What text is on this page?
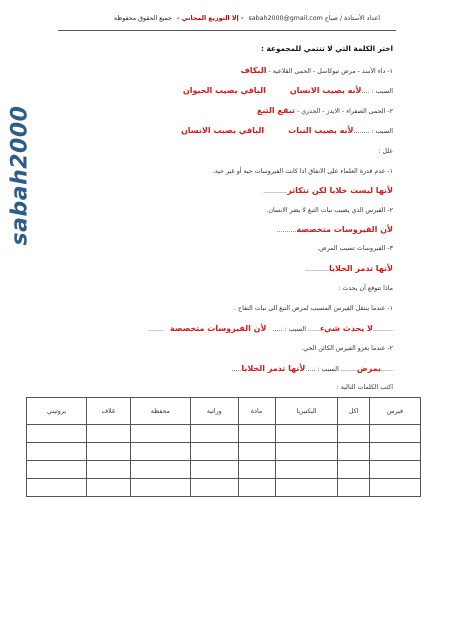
اعداد الأستاذة / صباح sabah2000@gmail.com
- إلا التوزيع المجاني -
جميع الحقوق محفوظة
sabah2000
اختر الكلمة التي لا تنتمي للمجموعة :
١- داء الأسد - مرض تيوكاسل - الحمى القلاعية - البكاف
السبب : ....لأنه يصيب الانسانالباقي يصيب الحيوان
٢- الحمى الصفراء - الايدز - الجدري - تبقع التبغ
السبب : ........لأنه يصيب النباتالباقي يصيب الانسان
علل :
١- عدم قدرة العلماء على الاتفاق اذا كانت الفيروسات حية أو غير حية.
لأنها ليست خلايا لكن تتكاثر............
٢- الفيرس الذي يصيب نبات التبغ لا يضر الانسان.
لأن الفيروسات متخصصة..........
٣- الفيروسات تسبب المرض.
لأنها تدمر الخلايا............
ماذا تتوقع أن يحدث :
١- عندما ينتقل الفيرس المسبب لمرض التبغ الى نبات التفاح .
..........لا يحدث شيء...... السبب : .....لأن الفيروسات متخصصة........
٢- عندما يغزو الفيرس الكائن الحي.
......يمرض........ السبب : .....لأنها تدمر الخلايا.....
اكتب الكلمات التالية :
فيرس	اكل	البكتيريا	مادة	وراثية	محفظة	غلاف	بروتيني
